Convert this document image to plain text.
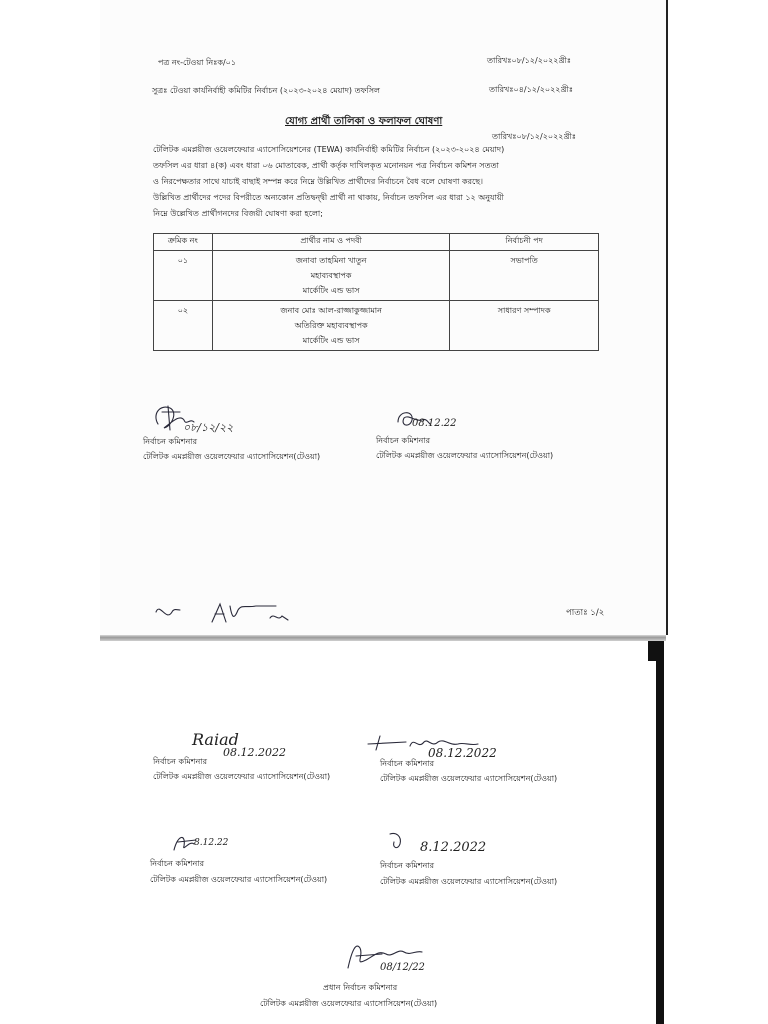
পত্র নং-টেওয়া নিঃক/০১	তারিখঃ০৮/১২/২০২২খ্রীঃ
সুত্রঃ টেওয়া কার্যনির্বাহী কমিটির নির্বাচন (২০২৩-২০২৪ মেয়াদ) তফসিল	তারিখঃ০৪/১২/২০২২খ্রীঃ
যোগ্য প্রার্থী তালিকা ও ফলাফল ঘোষণা
তারিখঃ০৮/১২/২০২২খ্রীঃ
টেলিটক এমপ্লয়ীজ ওয়েলফেয়ার এ্যাসোসিয়েশনের (TEWA) কার্যনির্বাহী কমিটির নির্বাচন (২০২৩-২০২৪ মেয়াদ)
তফসিল এর ধারা ৪(ক) এবং ধারা ০৬ মোতাবেক, প্রার্থী কর্তৃক দাখিলকৃত মনোনয়ন পত্র নির্বাচন কমিশন সততা
ও নিরপেক্ষতার সাথে যাচাই বাছাই সম্পন্ন করে নিম্নে উল্লিখিত প্রার্থীদের নির্বাচনে বৈধ বলে ঘোষণা করছে।
উল্লিখিত প্রার্থীদের পদের বিপরীতে অন্যকোন প্রতিদ্বন্দ্বী প্রার্থী না থাকায়, নির্বাচন তফসিল এর ধারা ১২ অনুযায়ী
নিম্নে উল্লেখিত প্রার্থীগনদের বিজয়ী ঘোষণা করা হলো;
ক্রমিক নং	প্রার্থীর নাম ও পদবী	নির্বাচনী পদ
০১	জনাবা তাহমিনা খাতুন
মহাব্যবস্থাপক
মার্কেটিং এন্ড ভাস	সভাপতি
০২	জনাব মোঃ আল-রাজ্জাকুজ্জামান
অতিরিক্ত মহাব্যবস্থাপক
মার্কেটিং এন্ড ভাস	সাধারণ সম্পাদক
০৮/১২/২২
নির্বাচন কমিশনার
টেলিটক এমপ্লয়ীজ ওয়েলফেয়ার এ্যাসোসিয়েশন(টেওয়া)
08.12.22
নির্বাচন কমিশনার
টেলিটক এমপ্লয়ীজ ওয়েলফেয়ার এ্যাসোসিয়েশন(টেওয়া)
পাতাঃ ১/২
Raiad
08.12.2022
নির্বাচন কমিশনার
টেলিটক এমপ্লয়ীজ ওয়েলফেয়ার এ্যাসোসিয়েশন(টেওয়া)
08.12.2022
নির্বাচন কমিশনার
টেলিটক এমপ্লয়ীজ ওয়েলফেয়ার এ্যাসোসিয়েশন(টেওয়া)
8.12.22
নির্বাচন কমিশনার
টেলিটক এমপ্লয়ীজ ওয়েলফেয়ার এ্যাসোসিয়েশন(টেওয়া)
8.12.2022
নির্বাচন কমিশনার
টেলিটক এমপ্লয়ীজ ওয়েলফেয়ার এ্যাসোসিয়েশন(টেওয়া)
08/12/22
প্রধান নির্বাচন কমিশনার
টেলিটক এমপ্লয়ীজ ওয়েলফেয়ার এ্যাসোসিয়েশন(টেওয়া)
